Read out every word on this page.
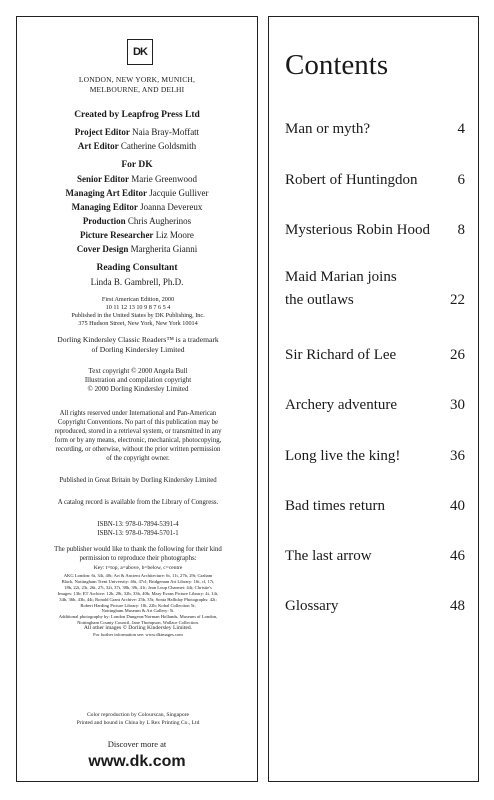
DK
LONDON, NEW YORK, MUNICH,
MELBOURNE, AND DELHI
Created by Leapfrog Press Ltd
Project Editor Naia Bray-Moffatt
Art Editor Catherine Goldsmith
For DK
Senior Editor Marie Greenwood
Managing Art Editor Jacquie Gulliver
Managing Editor Joanna Devereux
Production Chris Augherinos
Picture Researcher Liz Moore
Cover Design Margherita Gianni
Reading Consultant
Linda B. Gambrell, Ph.D.
First American Edition, 2000
10 11 12 13 10 9 8 7 6 5 4
Published in the United States by DK Publishing, Inc.
375 Hudson Street, New York, New York 10014
Dorling Kindersley Classic Readers™ is a trademark
of Dorling Kindersley Limited
Text copyright © 2000 Angela Bull
Illustration and compilation copyright
© 2000 Dorling Kindersley Limited
All rights reserved under International and Pan-American
Copyright Conventions. No part of this publication may be
reproduced, stored in a retrieval system, or transmitted in any
form or by any means, electronic, mechanical, photocopying,
recording, or otherwise, without the prior written permission
of the copyright owner.
Published in Great Britain by Dorling Kindersley Limited
A catalog record is available from the Library of Congress.
ISBN-13: 978-0-7894-5391-4
ISBN-13: 978-0-7894-5701-1
The publisher would like to thank the following for their kind
permission to reproduce their photographs:
Key: t=top, a=above, b=below, c=centre
AKG London: 6t, 34t, 40t; Art & Ancient Architecture: 6t, 11t, 27b, 29t; Graham
Black, Nottingham Trent University: 46t, 47cl; Bridgeman Art Library: 16t, cl, 17t,
18b, 22t, 23t, 26t, 27t, 32t, 37t, 38b, 39t, 41t; Jean Loup Charmet: 44t; Christie's
Images: 13b; ET Archive: 12b, 28t, 32b, 33b, 40b; Mary Evans Picture Library: 4t, 14t,
34b, 36b, 43b, 44t; Ronald Grant Archive: 25b, 35t; Sonia Halliday Photographs: 42t;
Robert Harding Picture Library: 18t, 22b; Kobal Collection 5t;
Nottingham Museum & Art Gallery: 5t.
Additional photography by: London Dungeon/Norman Hollands, Museum of London,
Nottingham County Council, Jane Thompson, Wallace Collection.
All other images © Dorling Kindersley Limited.
For further information see: www.dkimages.com
Color reproduction by Colourscan, Singapore
Printed and bound in China by L Rex Printing Co., Ltd
Discover more at
www.dk.com
Contents
Man or myth?	4
Robert of Huntingdon	6
Mysterious Robin Hood 8
Maid Marian joins
the outlaws	22
Sir Richard of Lee	26
Archery adventure	30
Long live the king!	36
Bad times return	40
The last arrow	46
Glossary	48
